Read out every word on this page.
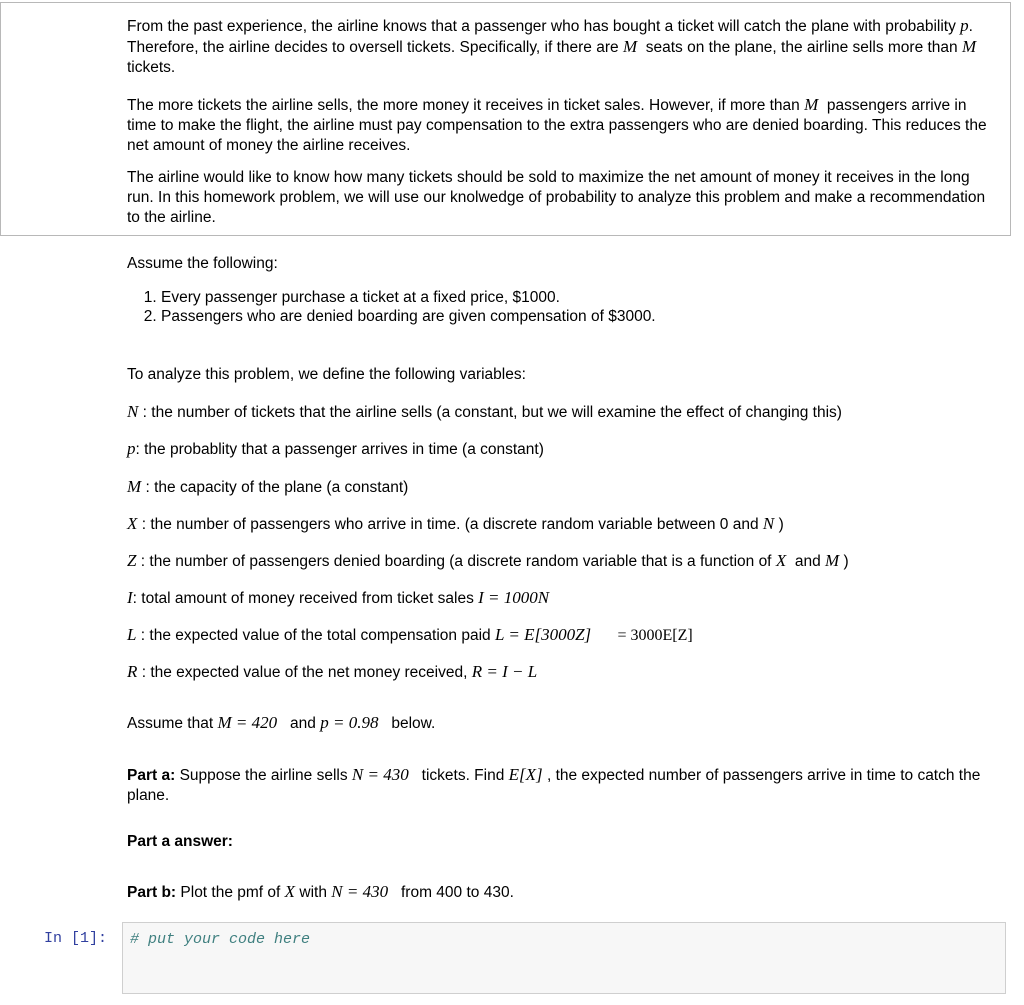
From the past experience, the airline knows that a passenger who has bought a ticket will catch the plane with probability p. Therefore, the airline decides to oversell tickets. Specifically, if there are M seats on the plane, the airline sells more than M  tickets.

The more tickets the airline sells, the more money it receives in ticket sales. However, if more than M passengers arrive in time to make the flight, the airline must pay compensation to the extra passengers who are denied boarding. This reduces the net amount of money the airline receives.

The airline would like to know how many tickets should be sold to maximize the net amount of money it receives in the long run. In this homework problem, we will use our knolwedge of probability to analyze this problem and make a recommendation to the airline.

Assume the following:
1. Every passenger purchase a ticket at a fixed price, $1000.
2. Passengers who are denied boarding are given compensation of $3000.
To analyze this problem, we define the following variables:
N : the number of tickets that the airline sells (a constant, but we will examine the effect of changing this)
p: the probablity that a passenger arrives in time (a constant)
M : the capacity of the plane (a constant)
X : the number of passengers who arrive in time. (a discrete random variable between 0 and N )
Z : the number of passengers denied boarding (a discrete random variable that is a function of X and M )
I: total amount of money received from ticket sales I = 1000N
L : the expected value of the total compensation paid L = E[3000Z] = 3000E[Z]
R : the expected value of the net money received, R = I − L
Assume that M = 420 and p = 0.98 below.

Part a: Suppose the airline sells N = 430 tickets. Find E[X] , the expected number of passengers arrive in time to catch the plane.

Part a answer:
Part b: Plot the pmf of X with N = 430 from 400 to 430.
In [1]: # put your code here
